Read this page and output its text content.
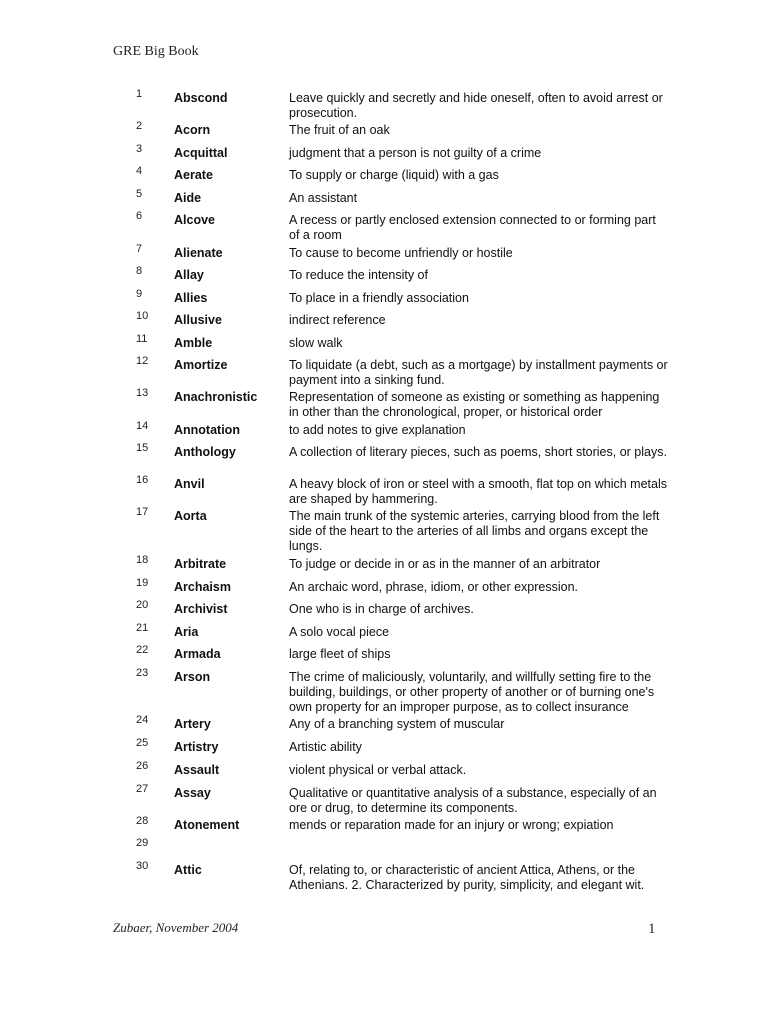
GRE Big Book
1	Abscond	Leave quickly and secretly and hide oneself, often to avoid arrest or prosecution.
2	Acorn	The fruit of an oak
3	Acquittal	judgment that a person is not guilty of a crime
4	Aerate	To supply or charge (liquid) with a gas
5	Aide	An assistant
6	Alcove	A recess or partly enclosed extension connected to or forming part of a room
7	Alienate	To cause to become unfriendly or hostile
8	Allay	To reduce the intensity of
9	Allies	To place in a friendly association
10 Allusive	indirect reference
11 Amble	slow walk
12 Amortize	To liquidate (a debt, such as a mortgage) by installment payments or payment into a sinking fund.
13 Anachronistic	Representation of someone as existing or something as happening in other than the chronological, proper, or historical order
14 Annotation	to add notes to give explanation
15 Anthology	A collection of literary pieces, such as poems, short stories, or plays.
16 Anvil	A heavy block of iron or steel with a smooth, flat top on which metals are shaped by hammering.
17 Aorta	The main trunk of the systemic arteries, carrying blood from the left side of the heart to the arteries of all limbs and organs except the lungs.
18 Arbitrate	To judge or decide in or as in the manner of an arbitrator
19 Archaism	An archaic word, phrase, idiom, or other expression.
20 Archivist	One who is in charge of archives.
21 Aria	A solo vocal piece
22 Armada	large fleet of ships
23 Arson	The crime of maliciously, voluntarily, and willfully setting fire to the building, buildings, or other property of another or of burning one's own property for an improper purpose, as to collect insurance
24 Artery	Any of a branching system of muscular
25 Artistry	Artistic ability
26 Assault	violent physical or verbal attack.
27 Assay	Qualitative or quantitative analysis of a substance, especially of an ore or drug, to determine its components.
28 Atonement	mends or reparation made for an injury or wrong; expiation
29
30 Attic	Of, relating to, or characteristic of ancient Attica, Athens, or the Athenians. 2. Characterized by purity, simplicity, and elegant wit.
Zubaer, November 2004	1
